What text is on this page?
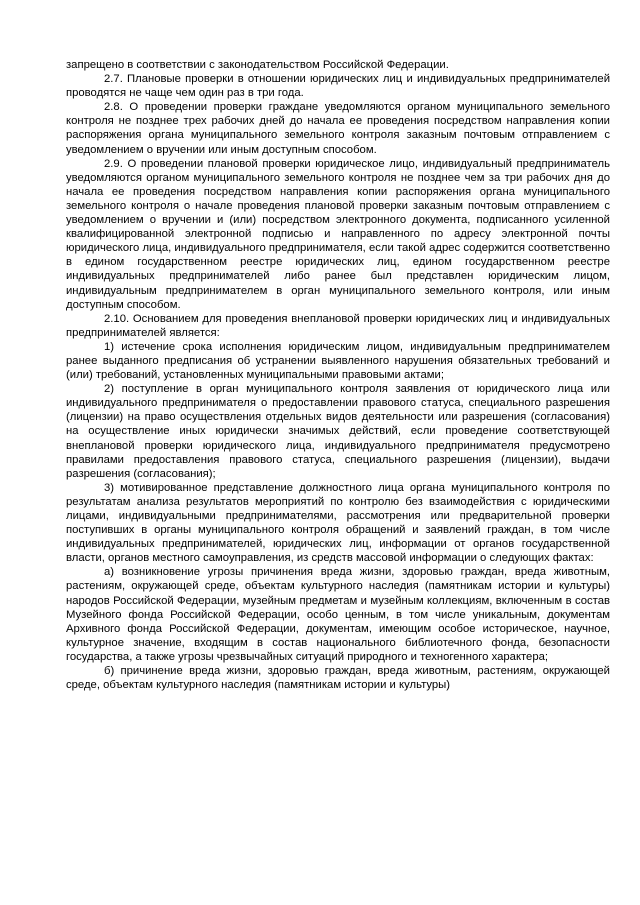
запрещено в соответствии с законодательством Российской Федерации.

2.7. Плановые проверки в отношении юридических лиц и индивидуальных предпринимателей проводятся не чаще чем один раз в три года.

2.8. О проведении проверки граждане уведомляются органом муниципального земельного контроля не позднее трех рабочих дней до начала ее проведения посредством направления копии распоряжения органа муниципального земельного контроля заказным почтовым отправлением с уведомлением о вручении или иным доступным способом.

2.9. О проведении плановой проверки юридическое лицо, индивидуальный предприниматель уведомляются органом муниципального земельного контроля не позднее чем за три рабочих дня до начала ее проведения посредством направления копии распоряжения органа муниципального земельного контроля о начале проведения плановой проверки заказным почтовым отправлением с уведомлением о вручении и (или) посредством электронного документа, подписанного усиленной квалифицированной электронной подписью и направленного по адресу электронной почты юридического лица, индивидуального предпринимателя, если такой адрес содержится соответственно в едином государственном реестре юридических лиц, едином государственном реестре индивидуальных предпринимателей либо ранее был представлен юридическим лицом, индивидуальным предпринимателем в орган муниципального земельного контроля, или иным доступным способом.

2.10. Основанием для проведения внеплановой проверки юридических лиц и индивидуальных предпринимателей является:

1) истечение срока исполнения юридическим лицом, индивидуальным предпринимателем ранее выданного предписания об устранении выявленного нарушения обязательных требований и (или) требований, установленных муниципальными правовыми актами;

2) поступление в орган муниципального контроля заявления от юридического лица или индивидуального предпринимателя о предоставлении правового статуса, специального разрешения (лицензии) на право осуществления отдельных видов деятельности или разрешения (согласования) на осуществление иных юридически значимых действий, если проведение соответствующей внеплановой проверки юридического лица, индивидуального предпринимателя предусмотрено правилами предоставления правового статуса, специального разрешения (лицензии), выдачи разрешения (согласования);

3) мотивированное представление должностного лица органа муниципального контроля по результатам анализа результатов мероприятий по контролю без взаимодействия с юридическими лицами, индивидуальными предпринимателями, рассмотрения или предварительной проверки поступивших в органы муниципального контроля обращений и заявлений граждан, в том числе индивидуальных предпринимателей, юридических лиц, информации от органов государственной власти, органов местного самоуправления, из средств массовой информации о следующих фактах:

а) возникновение угрозы причинения вреда жизни, здоровью граждан, вреда животным, растениям, окружающей среде, объектам культурного наследия (памятникам истории и культуры) народов Российской Федерации, музейным предметам и музейным коллекциям, включенным в состав Музейного фонда Российской Федерации, особо ценным, в том числе уникальным, документам Архивного фонда Российской Федерации, документам, имеющим особое историческое, научное, культурное значение, входящим в состав национального библиотечного фонда, безопасности государства, а также угрозы чрезвычайных ситуаций природного и техногенного характера;

б) причинение вреда жизни, здоровью граждан, вреда животным, растениям, окружающей среде, объектам культурного наследия (памятникам истории и культуры)
